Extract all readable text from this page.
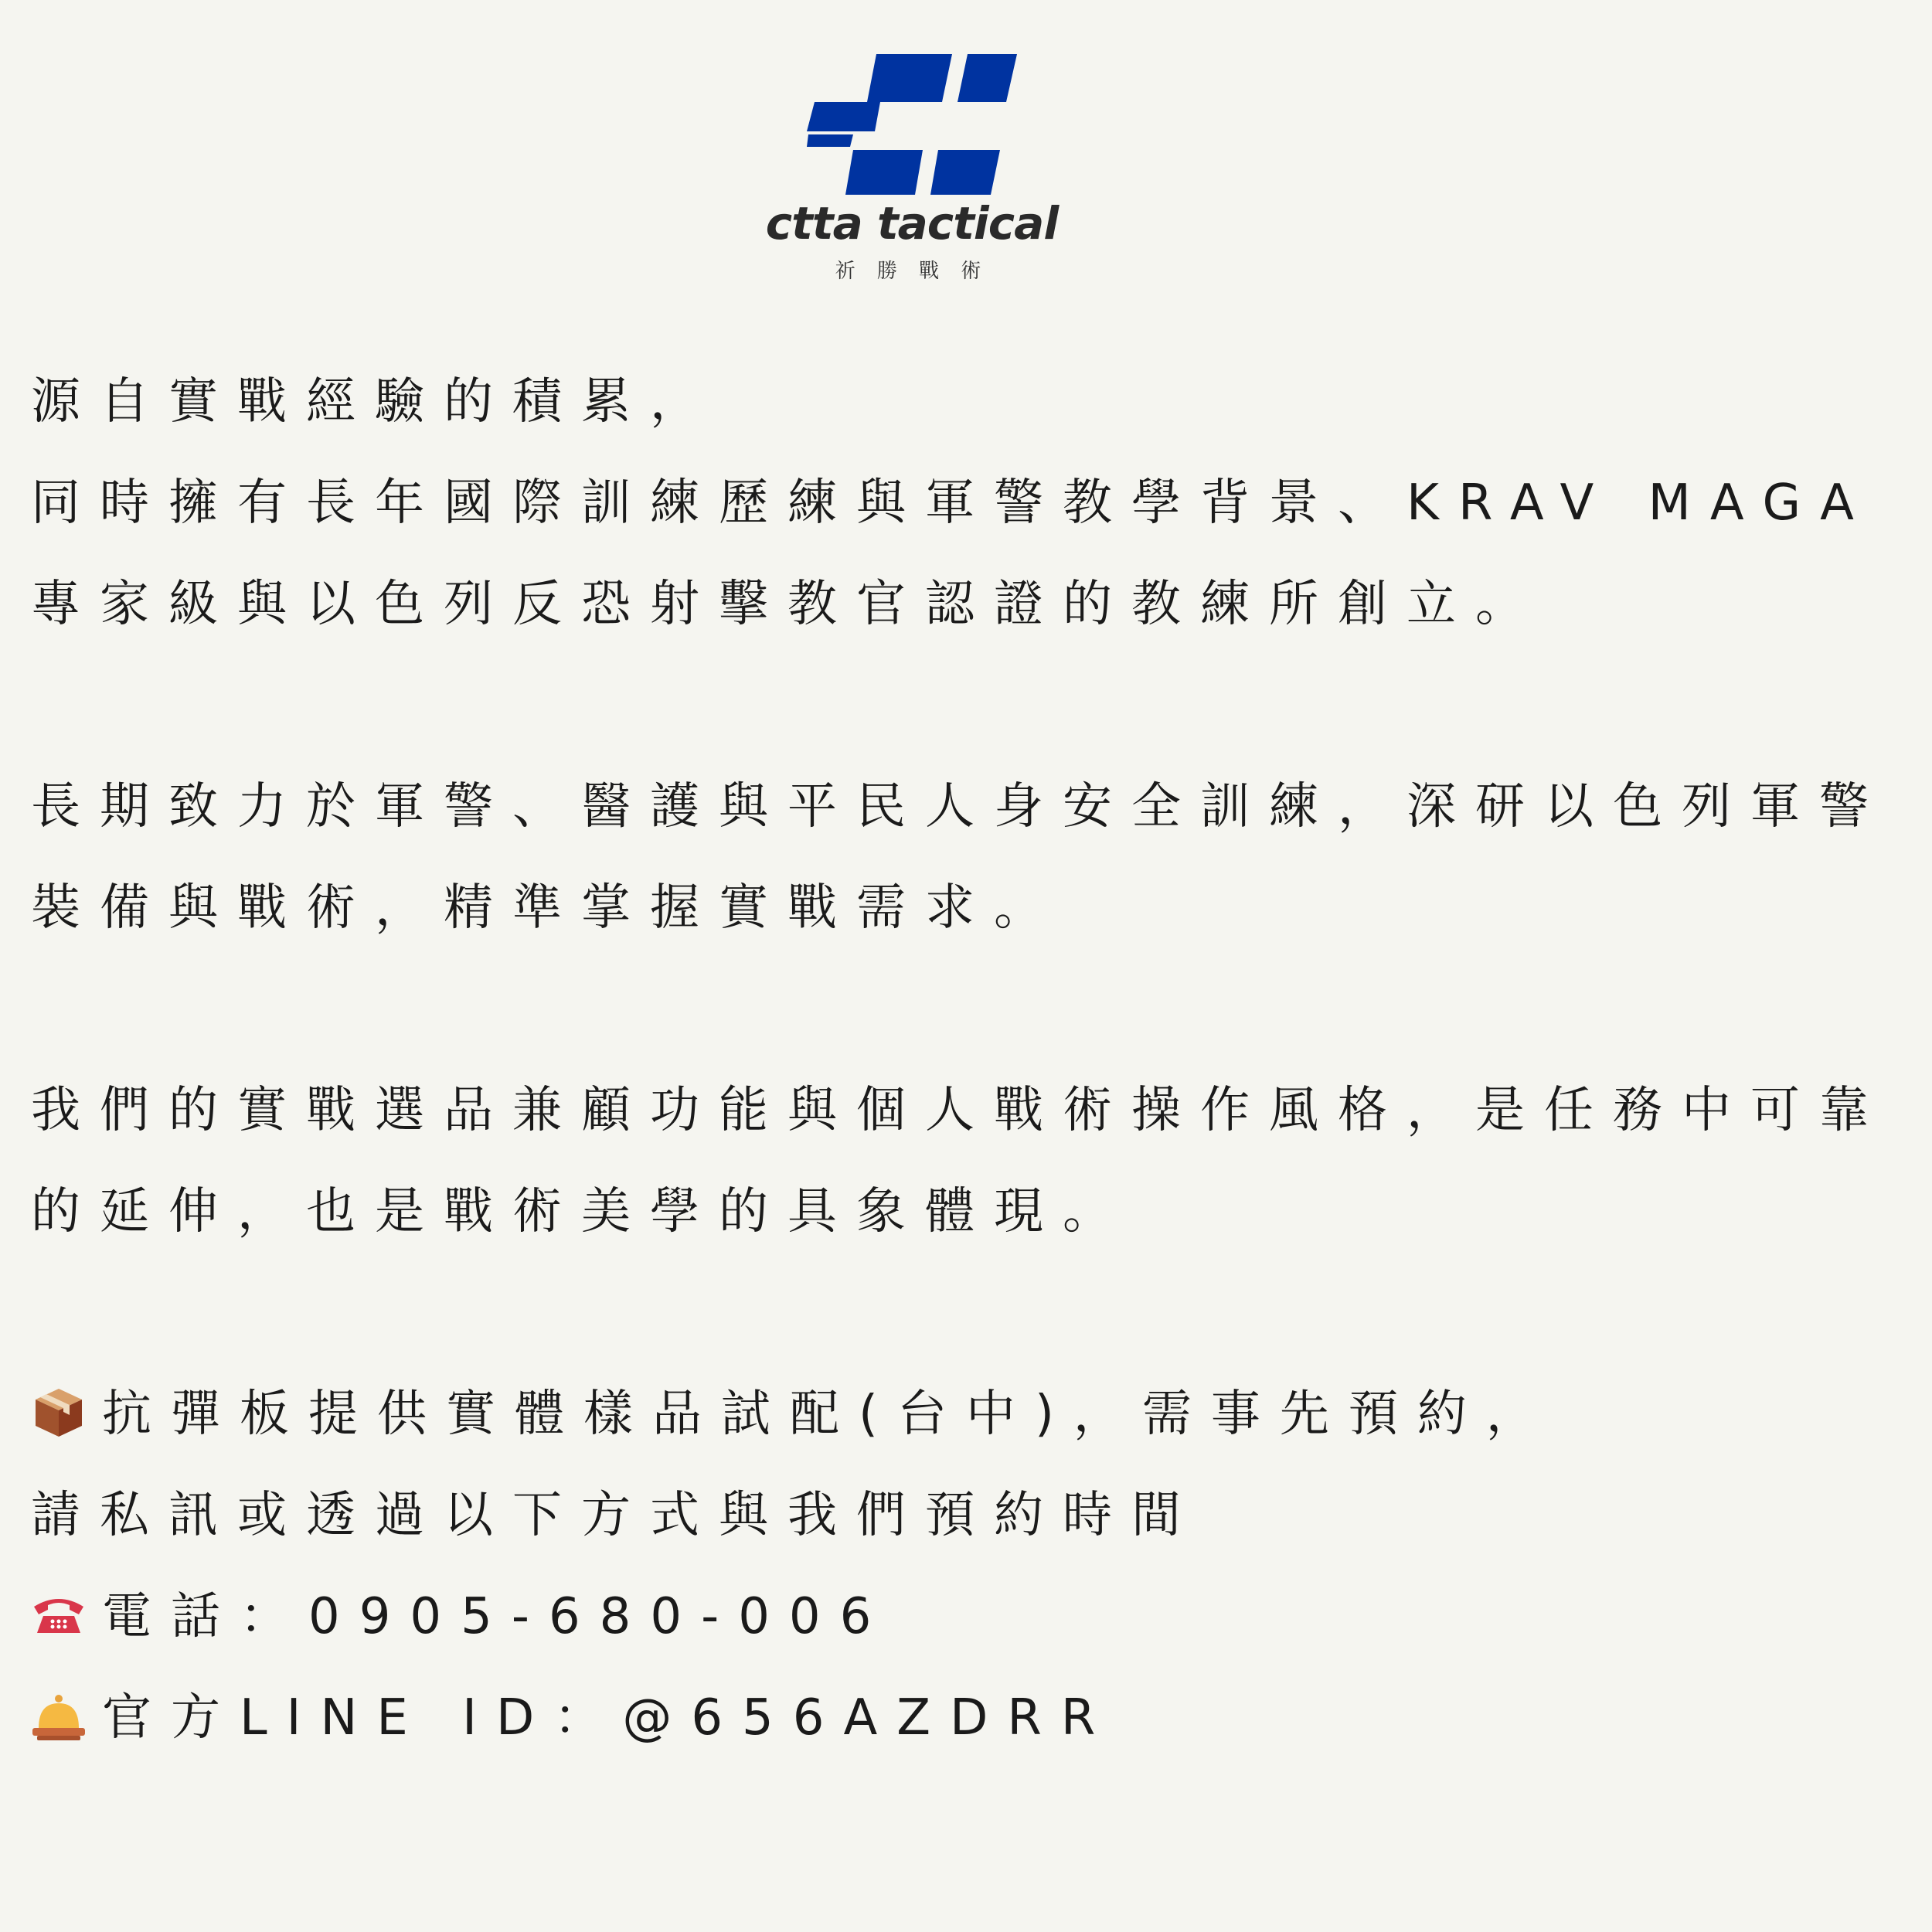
ctta tactical
祈 勝 戰 術
源自實戰經驗的積累，
同時擁有長年國際訓練歷練與軍警教學背景、KRAV MAGA
專家級與以色列反恐射擊教官認證的教練所創立。
長期致力於軍警、醫護與平民人身安全訓練，深研以色列軍警
裝備與戰術，精準掌握實戰需求。
我們的實戰選品兼顧功能與個人戰術操作風格，是任務中可靠
的延伸，也是戰術美學的具象體現。
抗彈板提供實體樣品試配(台中)，需事先預約，
請私訊或透過以下方式與我們預約時間
電話：0905-680-006
官方LINE ID：@656AZDRR
